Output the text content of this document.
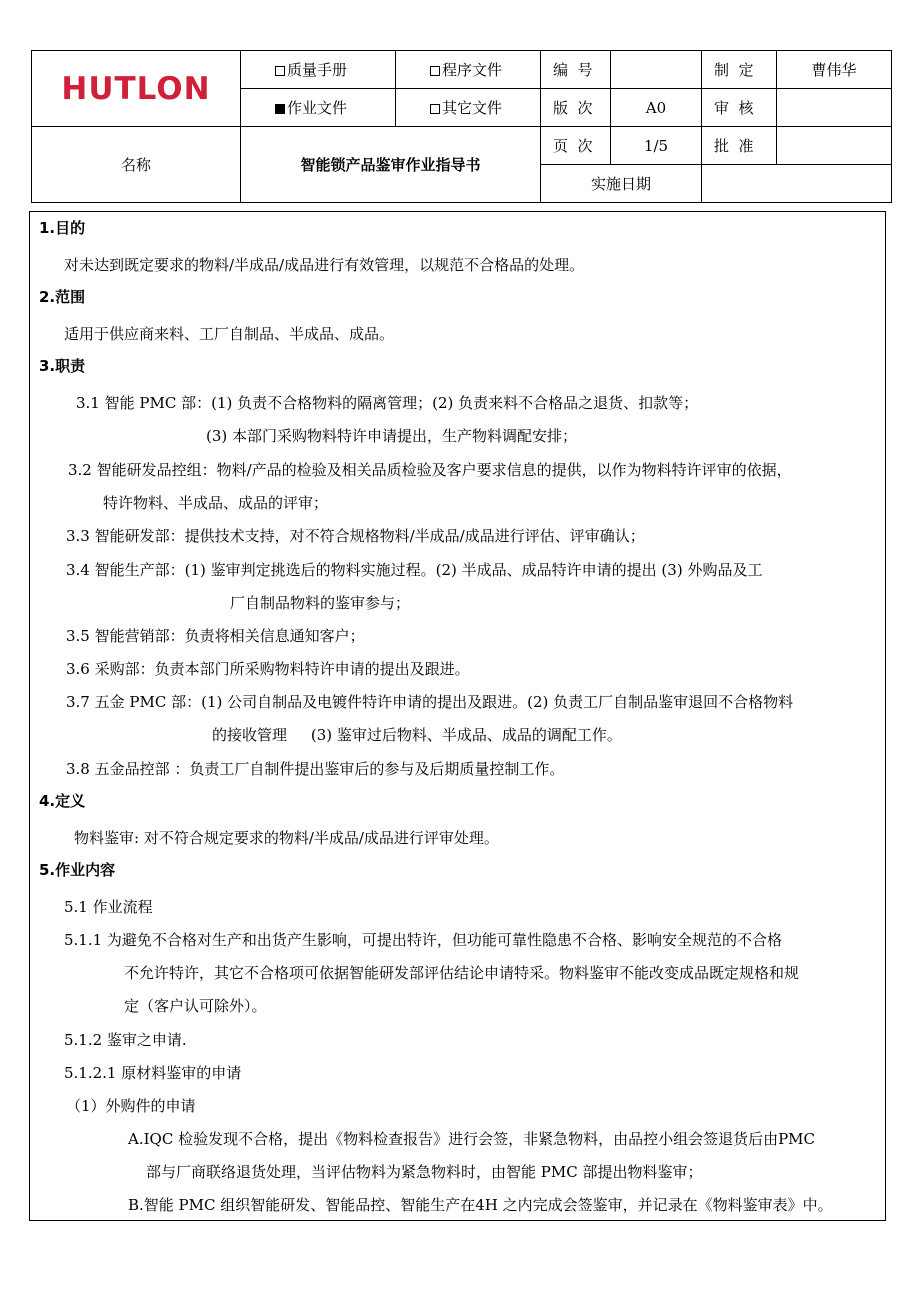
HUTLON	质量手册	程序文件	编  号		制  定	曹伟华
	作业文件	其它文件	版  次	A0	审  核	
名称	智能锁产品鉴审作业指导书		页  次	1/5	批  准	
			实施日期			
1.目的
对未达到既定要求的物料/半成品/成品进行有效管理，以规范不合格品的处理。
2.范围
适用于供应商来料、工厂自制品、半成品、成品。
3.职责
3.1 智能 PMC 部：(1) 负责不合格物料的隔离管理；(2) 负责来料不合格品之退货、扣款等；
(3) 本部门采购物料特许申请提出，生产物料调配安排；
3.2 智能研发品控组：物料/产品的检验及相关品质检验及客户要求信息的提供，以作为物料特许评审的依据，
特许物料、半成品、成品的评审；
3.3 智能研发部：提供技术支持，对不符合规格物料/半成品/成品进行评估、评审确认；
3.4 智能生产部：(1) 鉴审判定挑选后的物料实施过程。(2) 半成品、成品特许申请的提出 (3) 外购品及工
厂自制品物料的鉴审参与；
3.5 智能营销部：负责将相关信息通知客户；
3.6 采购部：负责本部门所采购物料特许申请的提出及跟进。
3.7 五金 PMC 部：(1) 公司自制品及电镀件特许申请的提出及跟进。(2) 负责工厂自制品鉴审退回不合格物料
的接收管理     (3) 鉴审过后物料、半成品、成品的调配工作。
3.8 五金品控部 ：负责工厂自制件提出鉴审后的参与及后期质量控制工作。
4.定义
物料鉴审: 对不符合规定要求的物料/半成品/成品进行评审处理。
5.作业内容
5.1 作业流程
5.1.1 为避免不合格对生产和出货产生影响，可提出特许，但功能可靠性隐患不合格、影响安全规范的不合格
不允许特许，其它不合格项可依据智能研发部评估结论申请特采。物料鉴审不能改变成品既定规格和规
定（客户认可除外）。
5.1.2 鉴审之申请.
5.1.2.1 原材料鉴审的申请
（1）外购件的申请
A.IQC 检验发现不合格，提出《物料检查报告》进行会签，非紧急物料，由品控小组会签退货后由PMC
部与厂商联络退货处理，当评估物料为紧急物料时，由智能 PMC 部提出物料鉴审；
B.智能 PMC 组织智能研发、智能品控、智能生产在4H 之内完成会签鉴审，并记录在《物料鉴审表》中。
